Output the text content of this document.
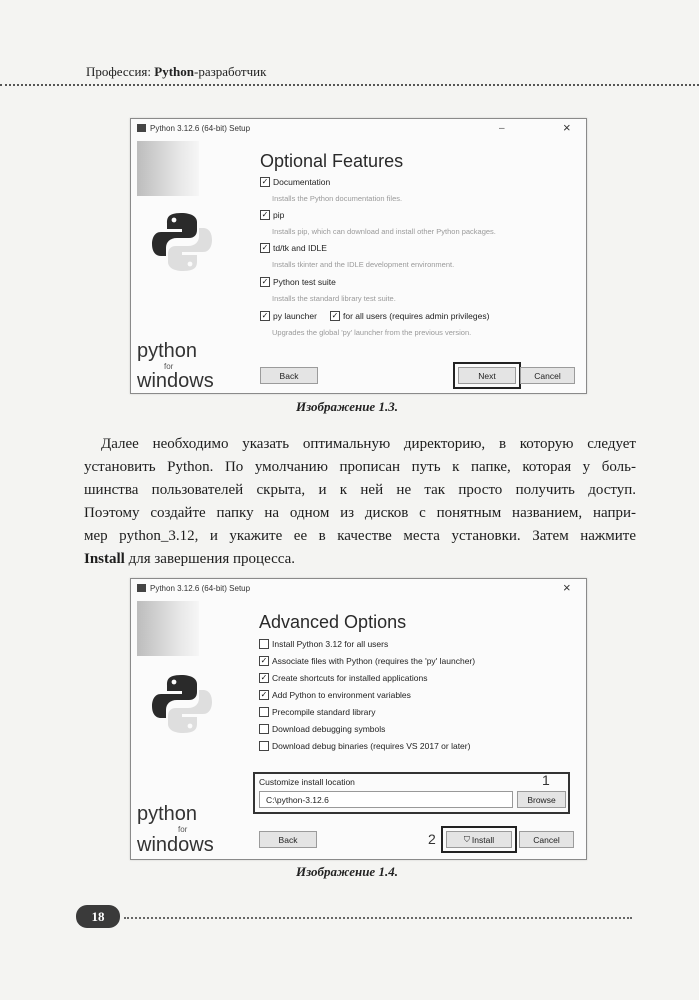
Профессия: Python-разработчик
Python 3.12.6 (64-bit) Setup	–	×
python
for
windows
Optional Features
✓ Documentation
Installs the Python documentation files.
✓ pip
Installs pip, which can download and install other Python packages.
✓ td/tk and IDLE
Installs tkinter and the IDLE development environment.
✓ Python test suite
Installs the standard library test suite.
✓ py launcher ✓ for all users (requires admin privileges)
Upgrades the global 'py' launcher from the previous version.
Back	Next	Cancel
Изображение 1.3.
Далее необходимо указать оптимальную директорию, в которую следует
установить Python. По умолчанию прописан путь к папке, которая у боль-
шинства пользователей скрыта, и к ней не так просто получить доступ.
Поэтому создайте папку на одном из дисков с понятным названием, напри-
мер python_3.12, и укажите ее в качестве места установки. Затем нажмите
Install для завершения процесса.
Python 3.12.6 (64-bit) Setup	×
python
for
windows
Advanced Options
Install Python 3.12 for all users
✓ Associate files with Python (requires the 'py' launcher)
✓ Create shortcuts for installed applications
✓ Add Python to environment variables
Precompile standard library
Download debugging symbols
Download debug binaries (requires VS 2017 or later)
Customize install location
C:\python-3.12.6	Browse
1
Back	2	⛉ Install	Cancel
Изображение 1.4.
18
